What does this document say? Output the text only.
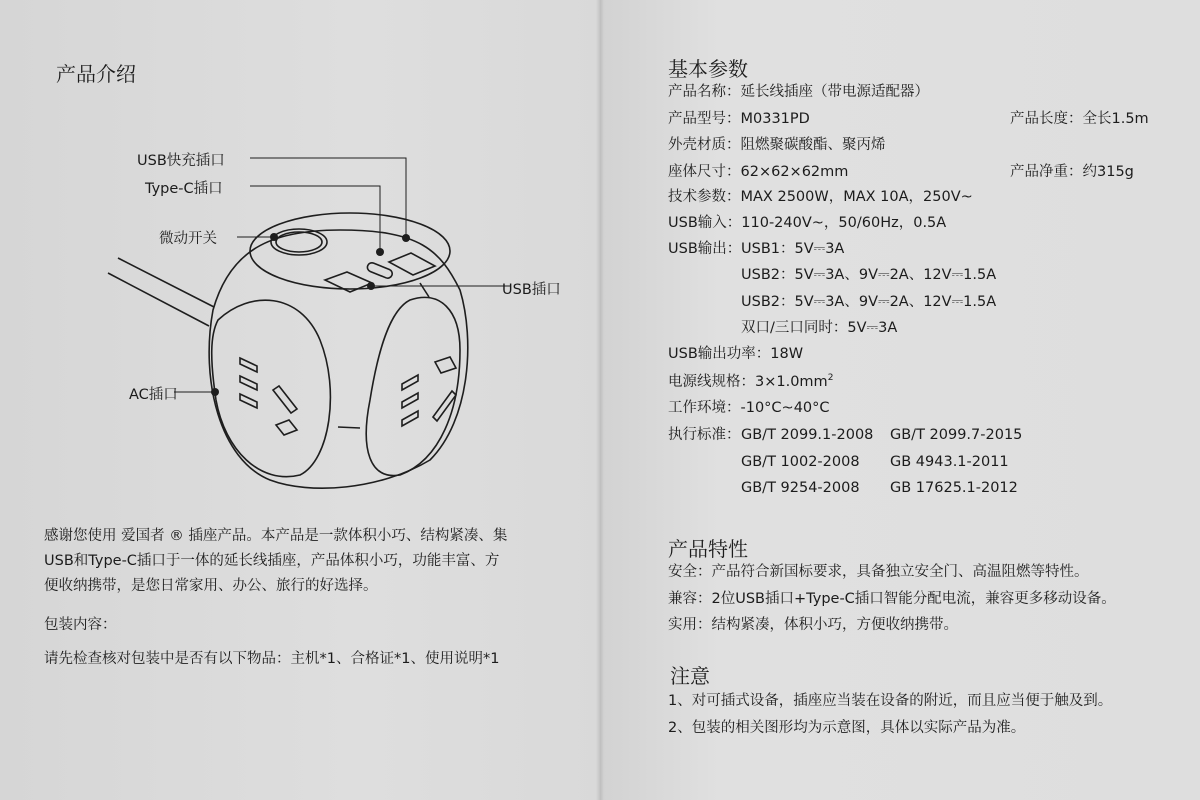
产品介绍
USB快充插口
Type-C插口
微动开关
USB插口
AC插口
感谢您使用 爱国者 ® 插座产品。本产品是一款体积小巧、结构紧凑、集
USB和Type-C插口于一体的延长线插座，产品体积小巧，功能丰富、方
便收纳携带，是您日常家用、办公、旅行的好选择。
包装内容：
请先检查核对包装中是否有以下物品：主机*1、合格证*1、使用说明*1
基本参数
产品名称：延长线插座（带电源适配器）
产品型号：M0331PD	产品长度：全长1.5m
外壳材质：阻燃聚碳酸酯、聚丙烯
座体尺寸：62×62×62mm	产品净重：约315g
技术参数：MAX 2500W，MAX 10A，250V~
USB输入：110-240V~，50/60Hz，0.5A
USB输出： USB1：5V⎓3A
USB2：5V⎓3A、9V⎓2A、12V⎓1.5A
USB2：5V⎓3A、9V⎓2A、12V⎓1.5A
双口/三口同时：5V⎓3A
USB输出功率：18W
电源线规格：$3\times 1.0mm^2$
工作环境：-10°C~40°C
执行标准： GB/T 2099.1-2008 GB/T 2099.7-2015
GB/T 1002-2008 GB 4943.1-2011
GB/T 9254-2008 GB 17625.1-2012
产品特性
安全：产品符合新国标要求，具备独立安全门、高温阻燃等特性。
兼容：2位USB插口+Type-C插口智能分配电流，兼容更多移动设备。
实用：结构紧凑，体积小巧，方便收纳携带。
注意
1、对可插式设备，插座应当装在设备的附近，而且应当便于触及到。
2、包装的相关图形均为示意图，具体以实际产品为准。
